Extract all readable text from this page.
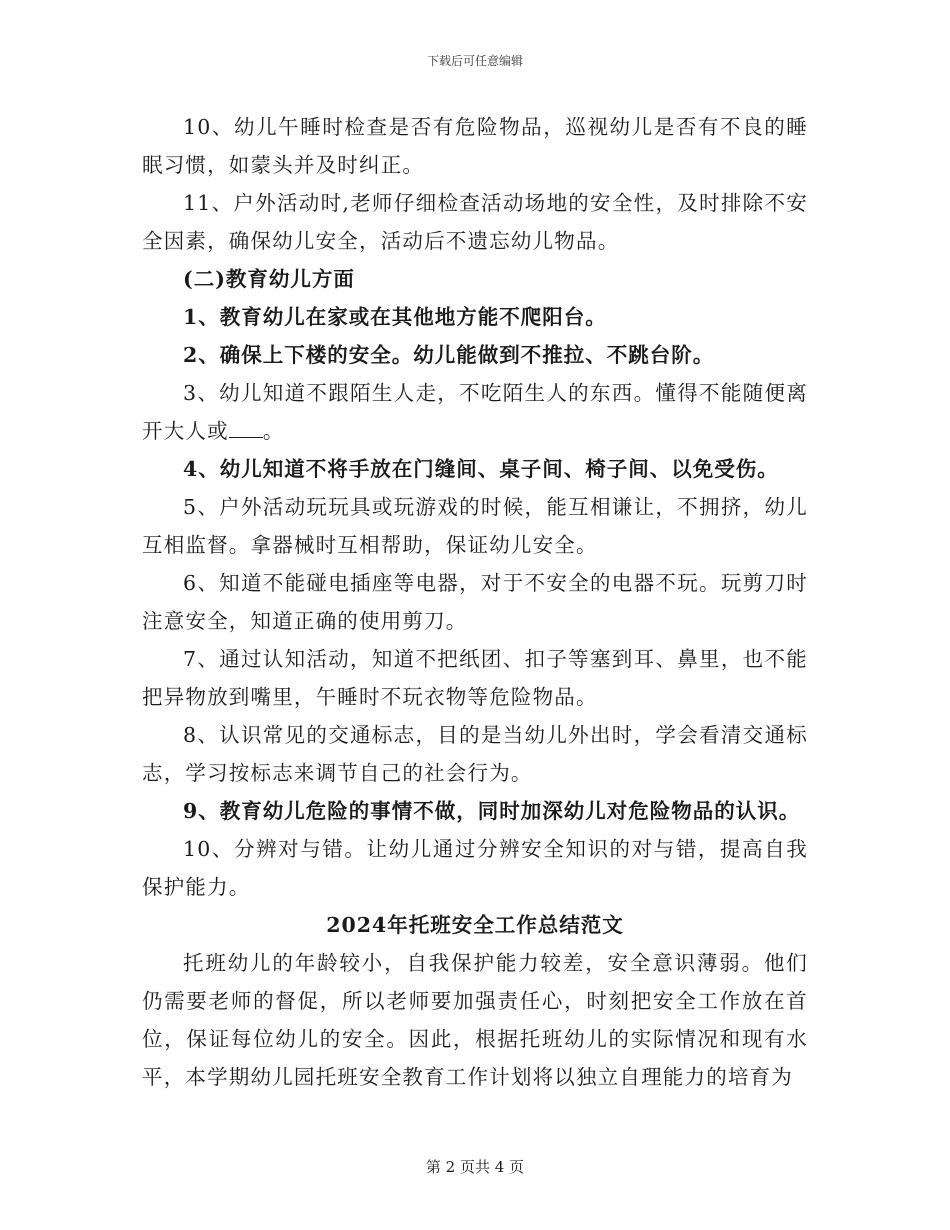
下载后可任意编辑

10、幼儿午睡时检查是否有危险物品，巡视幼儿是否有不良的睡眠习惯，如蒙头并及时纠正。

11、户外活动时,老师仔细检查活动场地的安全性，及时排除不安全因素，确保幼儿安全，活动后不遗忘幼儿物品。

(二)教育幼儿方面

1、教育幼儿在家或在其他地方能不爬阳台。

2、确保上下楼的安全。幼儿能做到不推拉、不跳台阶。

3、幼儿知道不跟陌生人走，不吃陌生人的东西。懂得不能随便离开大人或 。

4、幼儿知道不将手放在门缝间、桌子间、椅子间、以免受伤。

5、户外活动玩玩具或玩游戏的时候，能互相谦让，不拥挤，幼儿互相监督。拿器械时互相帮助，保证幼儿安全。

6、知道不能碰电插座等电器，对于不安全的电器不玩。玩剪刀时注意安全，知道正确的使用剪刀。

7、通过认知活动，知道不把纸团、扣子等塞到耳、鼻里，也不能把异物放到嘴里，午睡时不玩衣物等危险物品。

8、认识常见的交通标志，目的是当幼儿外出时，学会看清交通标志，学习按标志来调节自己的社会行为。

9、教育幼儿危险的事情不做，同时加深幼儿对危险物品的认识。

10、分辨对与错。让幼儿通过分辨安全知识的对与错，提高自我保护能力。

2024年托班安全工作总结范文

托班幼儿的年龄较小，自我保护能力较差，安全意识薄弱。他们仍需要老师的督促，所以老师要加强责任心，时刻把安全工作放在首位，保证每位幼儿的安全。因此，根据托班幼儿的实际情况和现有水平，本学期幼儿园托班安全教育工作计划将以独立自理能力的培育为

第 2 页共 4 页
